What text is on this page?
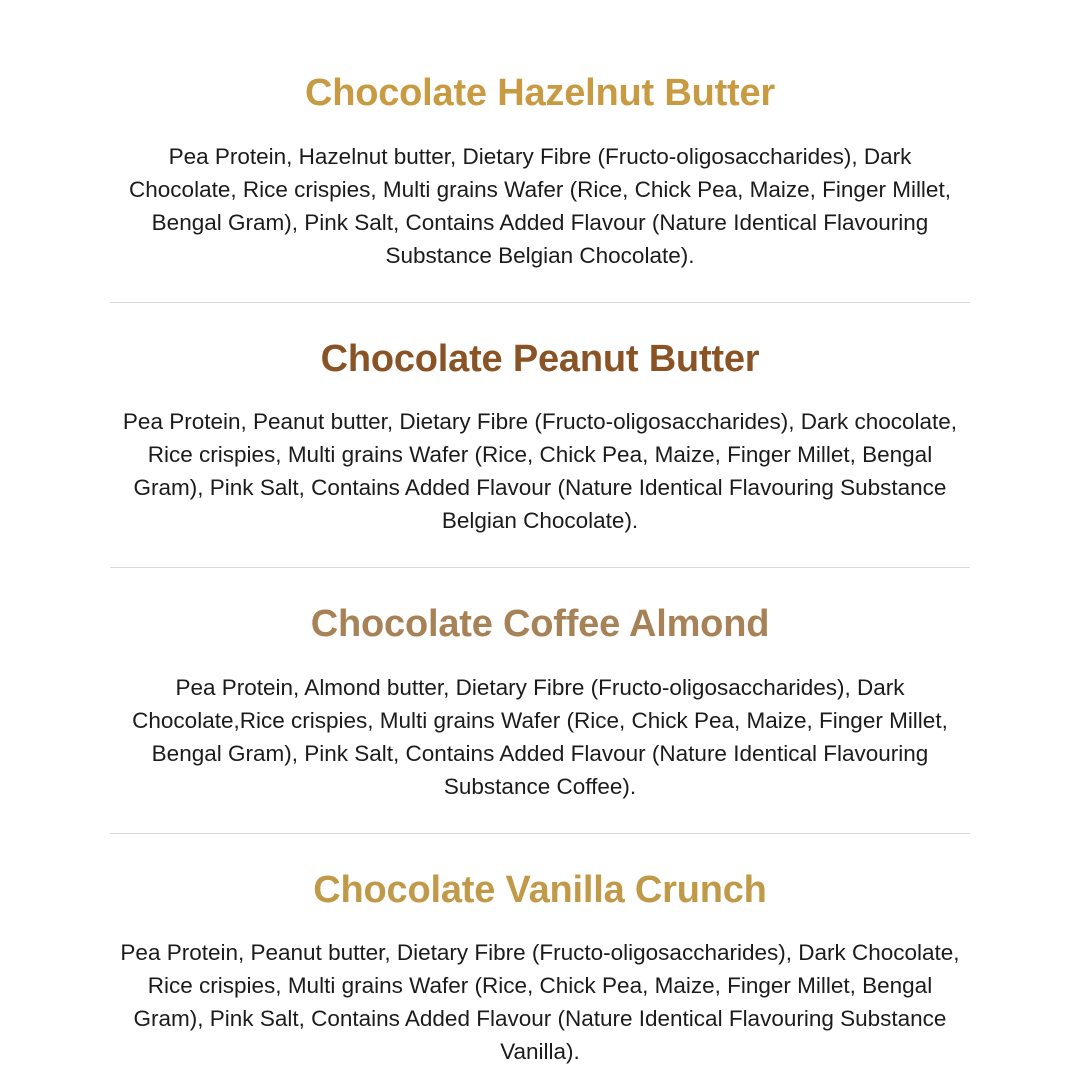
Chocolate Hazelnut Butter

Pea Protein, Hazelnut butter, Dietary Fibre (Fructo-oligosaccharides), Dark Chocolate, Rice crispies, Multi grains Wafer (Rice, Chick Pea, Maize, Finger Millet, Bengal Gram), Pink Salt, Contains Added Flavour (Nature Identical Flavouring Substance Belgian Chocolate).

Chocolate Peanut Butter

Pea Protein, Peanut butter, Dietary Fibre (Fructo-oligosaccharides), Dark chocolate, Rice crispies, Multi grains Wafer (Rice, Chick Pea, Maize, Finger Millet, Bengal Gram), Pink Salt, Contains Added Flavour (Nature Identical Flavouring Substance Belgian Chocolate).

Chocolate Coffee Almond

Pea Protein, Almond butter, Dietary Fibre (Fructo-oligosaccharides), Dark Chocolate,Rice crispies, Multi grains Wafer (Rice, Chick Pea, Maize, Finger Millet, Bengal Gram), Pink Salt, Contains Added Flavour (Nature Identical Flavouring Substance Coffee).

Chocolate Vanilla Crunch

Pea Protein, Peanut butter, Dietary Fibre (Fructo-oligosaccharides), Dark Chocolate, Rice crispies, Multi grains Wafer (Rice, Chick Pea, Maize, Finger Millet, Bengal Gram), Pink Salt, Contains Added Flavour (Nature Identical Flavouring Substance Vanilla).
